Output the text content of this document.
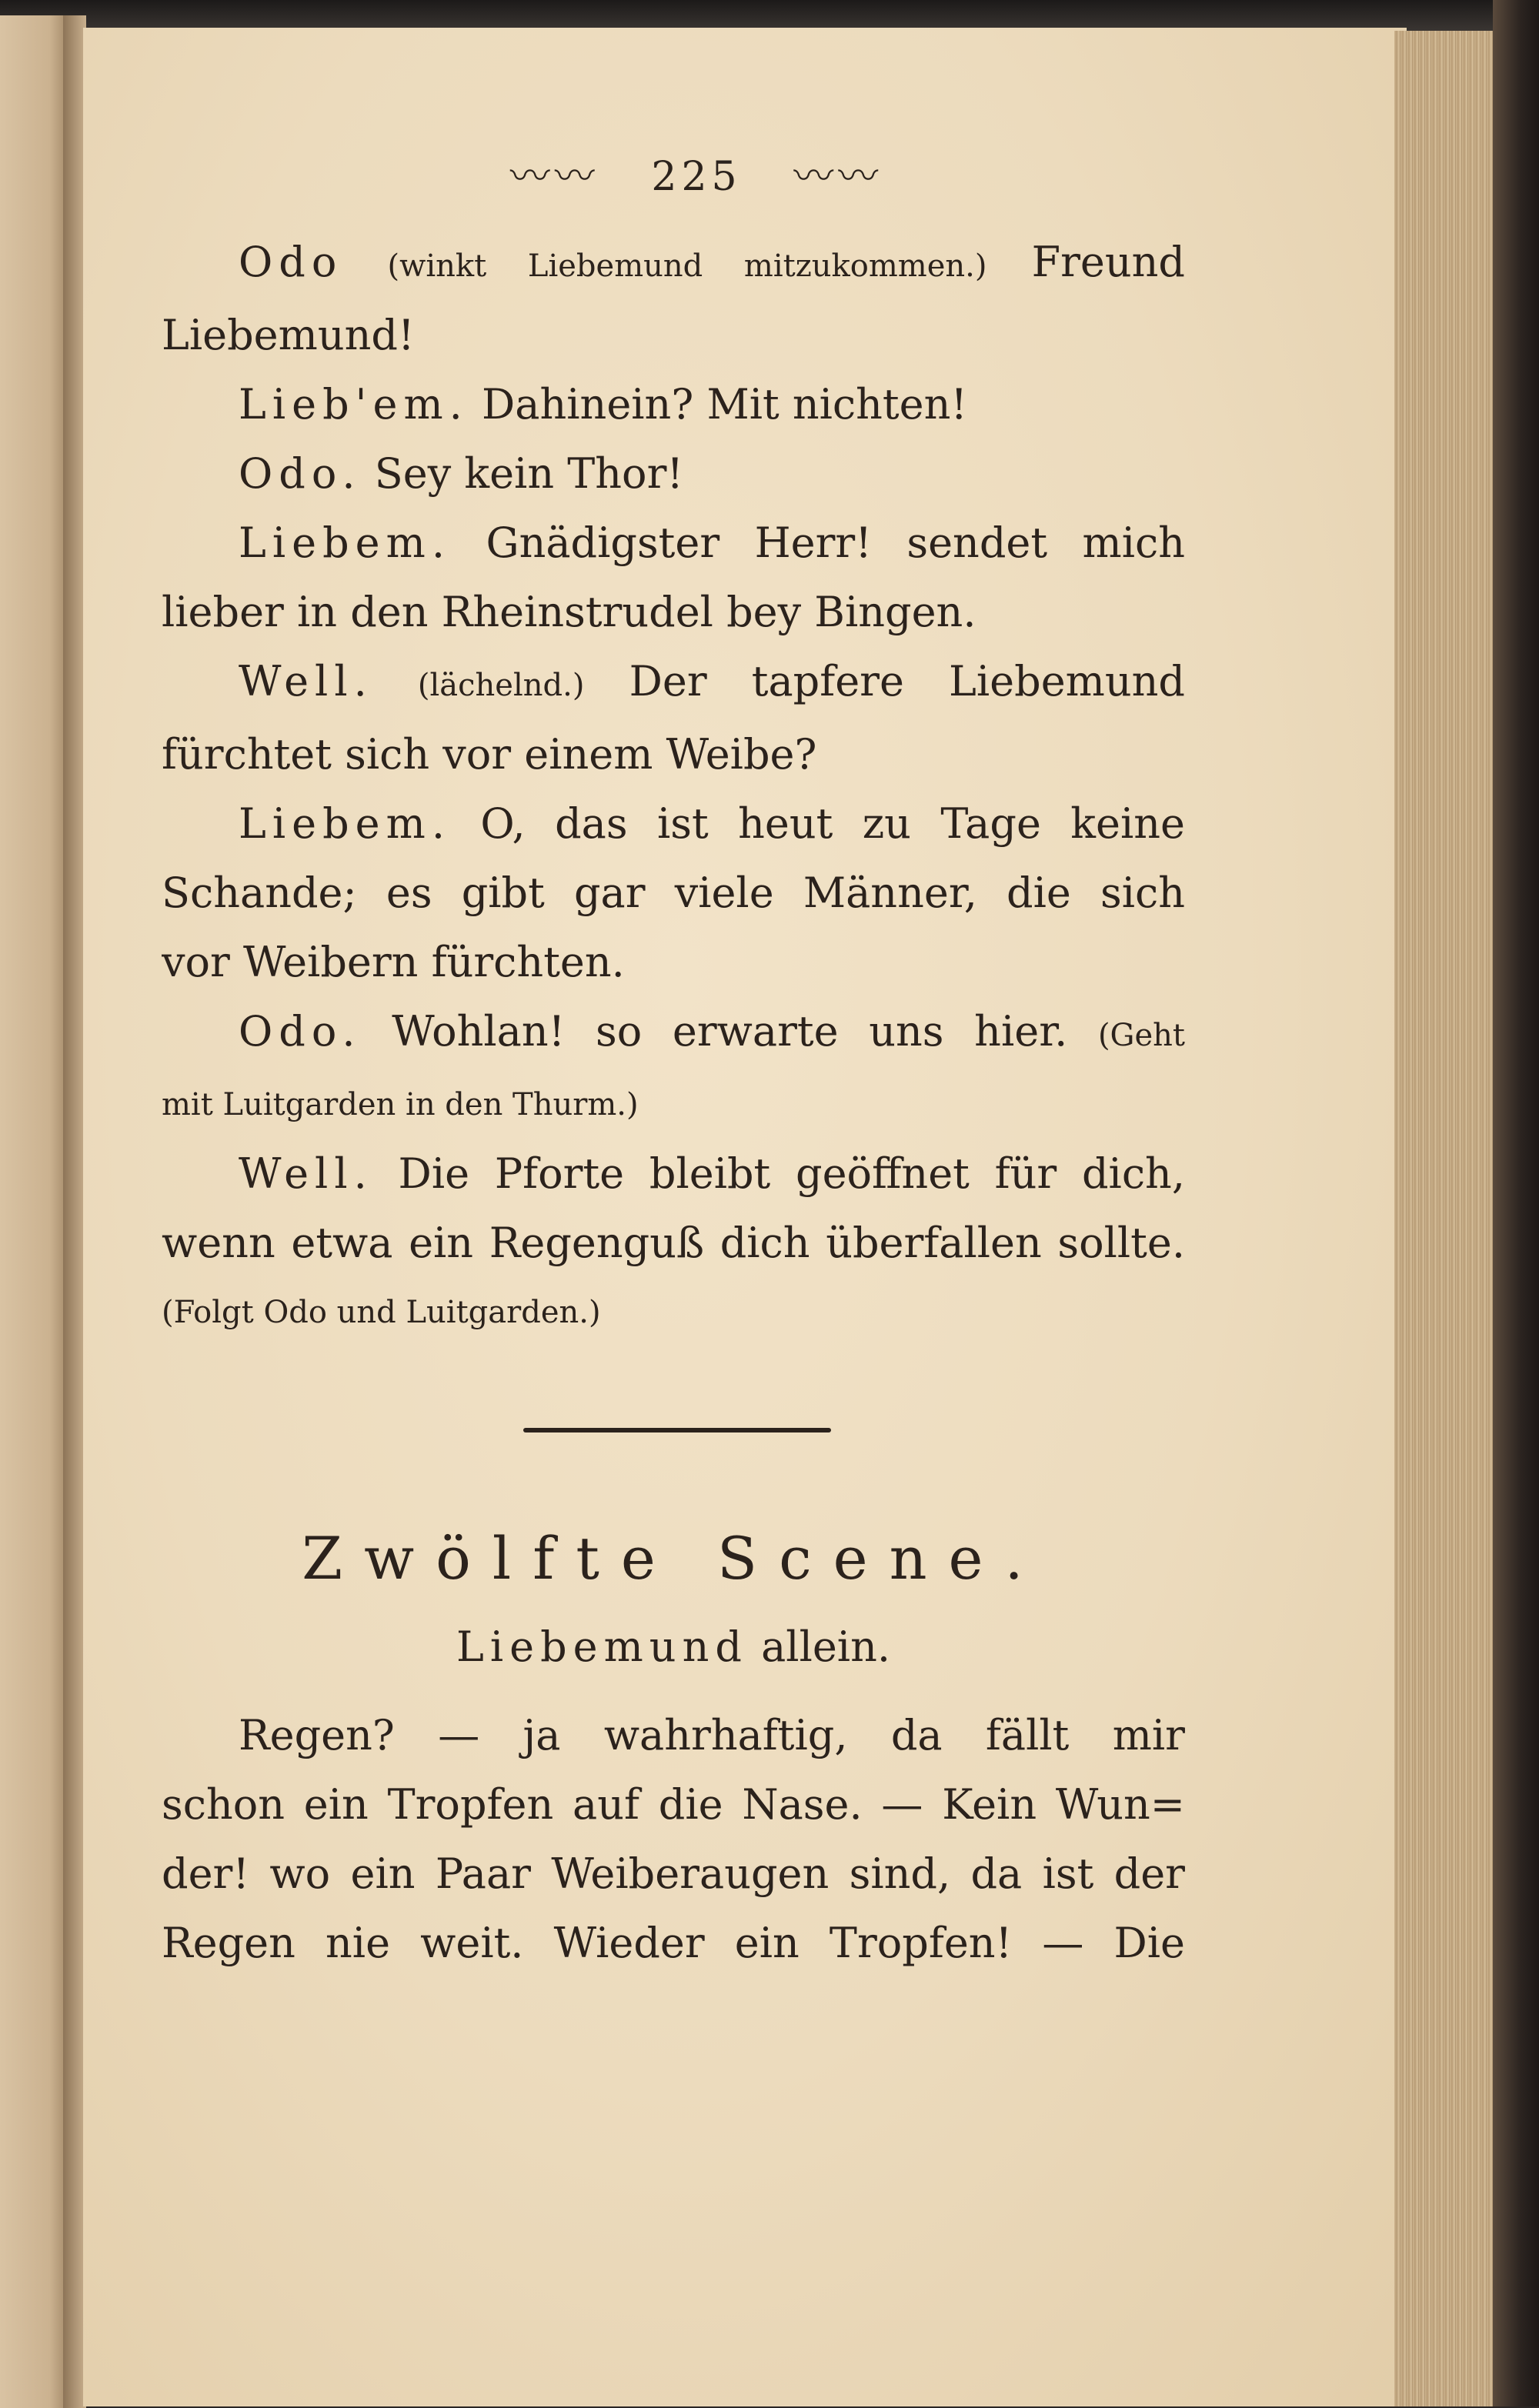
〰〰 225 〰〰
Odo (winkt Liebemund mitzukommen.) Freund
Liebemund!
Lieb'em. Dahinein? Mit nichten!
Odo. Sey kein Thor!
Liebem. Gnädigster Herr! sendet mich
lieber in den Rheinstrudel bey Bingen.
Well. (lächelnd.) Der tapfere Liebemund
fürchtet sich vor einem Weibe?
Liebem. O, das ist heut zu Tage keine
Schande; es gibt gar viele Männer, die sich
vor Weibern fürchten.
Odo. Wohlan! so erwarte uns hier. (Geht
mit Luitgarden in den Thurm.)
Well. Die Pforte bleibt geöffnet für dich,
wenn etwa ein Regenguß dich überfallen sollte.
(Folgt Odo und Luitgarden.)
Zwölfte Scene.
Liebemund allein.
Regen? — ja wahrhaftig, da fällt mir
schon ein Tropfen auf die Nase. — Kein Wun=
der! wo ein Paar Weiberaugen sind, da ist der
Regen nie weit. Wieder ein Tropfen! — Die
